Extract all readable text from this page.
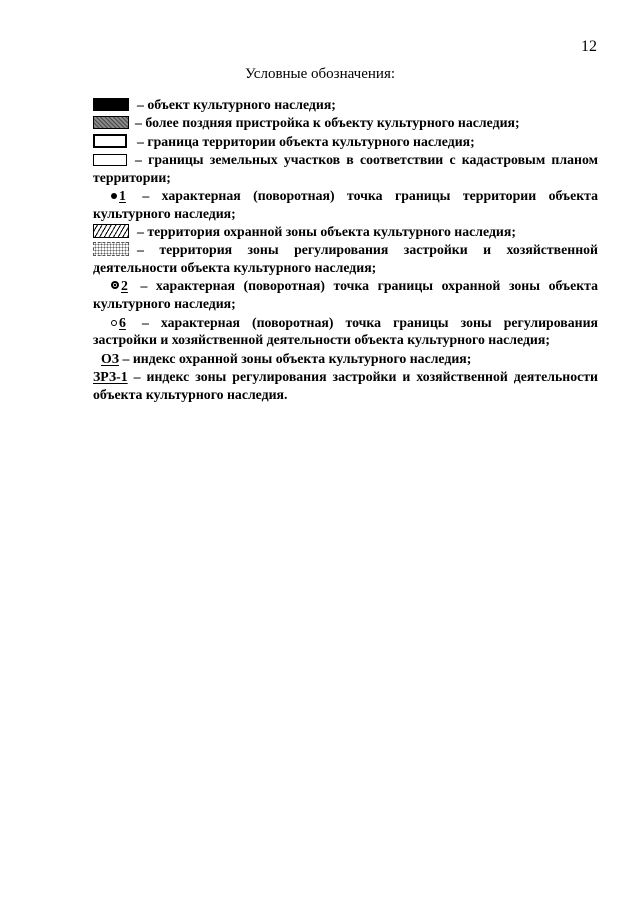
12
Условные обозначения:
– объект культурного наследия;
– более поздняя пристройка к объекту культурного наследия;
– граница территории объекта культурного наследия;
– границы земельных участков в соответствии с кадастровым планом территории;
1 – характерная (поворотная) точка границы территории объекта культурного наследия;
– территория охранной зоны объекта культурного наследия;
– территория зоны регулирования застройки и хозяйственной деятельности объекта культурного наследия;
2 – характерная (поворотная) точка границы охранной зоны объекта культурного наследия;
6 – характерная (поворотная) точка границы зоны регулирования застройки и хозяйственной деятельности объекта культурного наследия;
ОЗ – индекс охранной зоны объекта культурного наследия;
ЗРЗ-1 – индекс зоны регулирования застройки и хозяйственной деятельности объекта культурного наследия.
